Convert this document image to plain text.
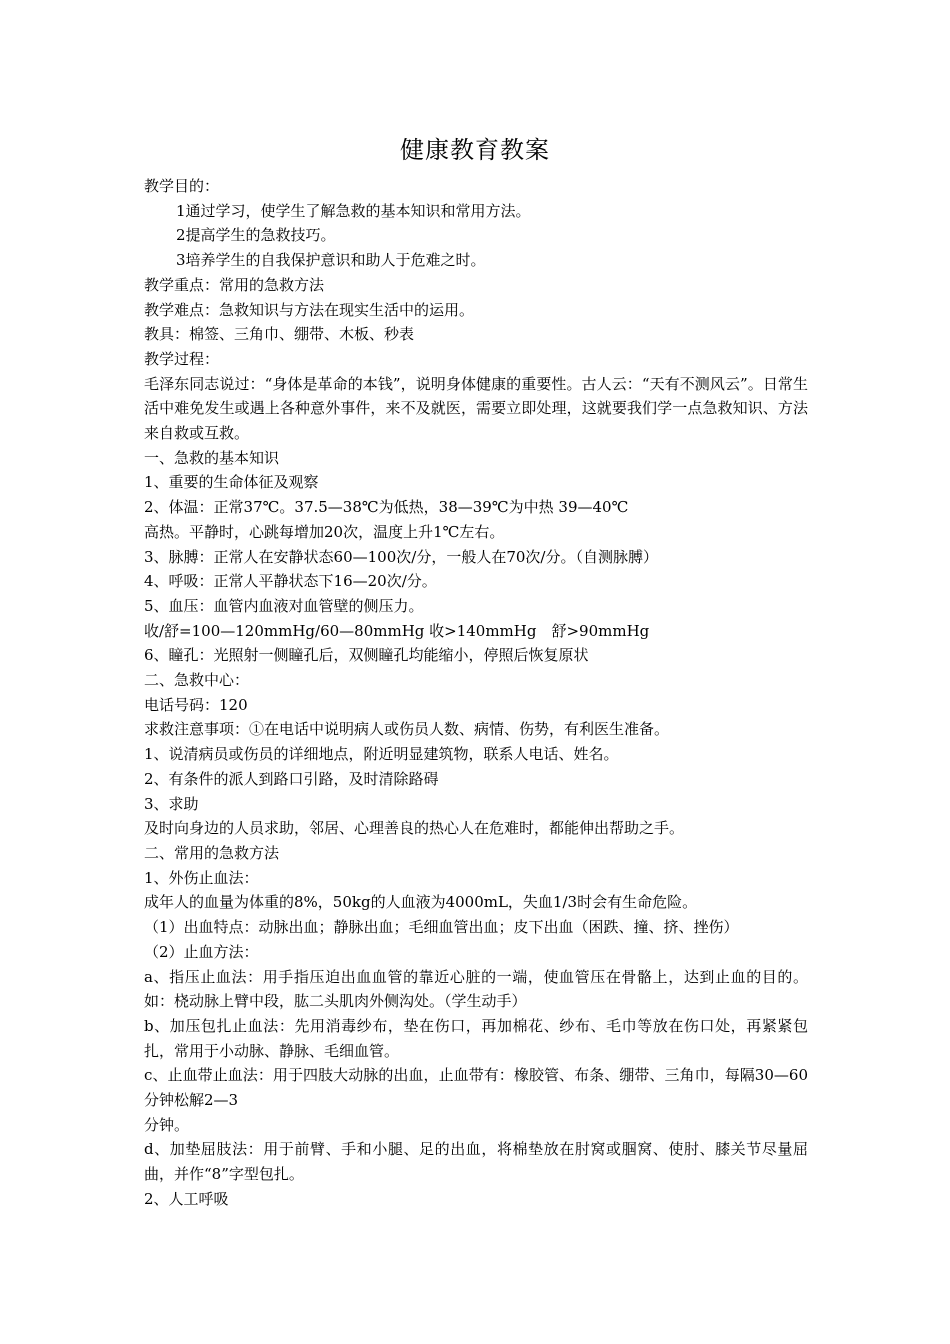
健康教育教案

教学目的：

1通过学习，使学生了解急救的基本知识和常用方法。

2提高学生的急救技巧。

3培养学生的自我保护意识和助人于危难之时。

教学重点：常用的急救方法

教学难点：急救知识与方法在现实生活中的运用。

教具：棉签、三角巾、绷带、木板、秒表

教学过程：

毛泽东同志说过：“身体是革命的本钱”，说明身体健康的重要性。古人云：“天有不测风云”。日常生活中难免发生或遇上各种意外事件，来不及就医，需要立即处理，这就要我们学一点急救知识、方法来自救或互救。

一、急救的基本知识

1、重要的生命体征及观察

2、体温：正常37℃。37.5—38℃为低热，38—39℃为中热 39—40℃

高热。平静时，心跳每增加20次，温度上升1℃左右。

3、脉膊：正常人在安静状态60—100次/分，一般人在70次/分。（自测脉膊）

4、呼吸：正常人平静状态下16—20次/分。

5、血压：血管内血液对血管壁的侧压力。

收/舒=100—120mmHg/60—80mmHg 收>140mmHg　舒>90mmHg

6、瞳孔：光照射一侧瞳孔后，双侧瞳孔均能缩小，停照后恢复原状

二、急救中心：

电话号码：120

求救注意事项：①在电话中说明病人或伤员人数、病情、伤势，有利医生准备。

1、说清病员或伤员的详细地点，附近明显建筑物，联系人电话、姓名。

2、有条件的派人到路口引路，及时清除路碍

3、求助

及时向身边的人员求助，邻居、心理善良的热心人在危难时，都能伸出帮助之手。

二、常用的急救方法

1、外伤止血法：

成年人的血量为体重的8%，50kg的人血液为4000mL，失血1/3时会有生命危险。

（1）出血特点：动脉出血；静脉出血；毛细血管出血；皮下出血（困跌、撞、挤、挫伤）

（2）止血方法：

a、指压止血法：用手指压迫出血血管的靠近心脏的一端，使血管压在骨骼上，达到止血的目的。如：桡动脉上臂中段，肱二头肌肉外侧沟处。（学生动手）

b、加压包扎止血法：先用消毒纱布，垫在伤口，再加棉花、纱布、毛巾等放在伤口处，再紧紧包扎，常用于小动脉、静脉、毛细血管。

c、止血带止血法：用于四肢大动脉的出血，止血带有：橡胶管、布条、绷带、三角巾，每隔30—60分钟松解2—3

分钟。

d、加垫屈肢法：用于前臂、手和小腿、足的出血，将棉垫放在肘窝或腘窝、使肘、膝关节尽量屈曲，并作“8”字型包扎。

2、人工呼吸
